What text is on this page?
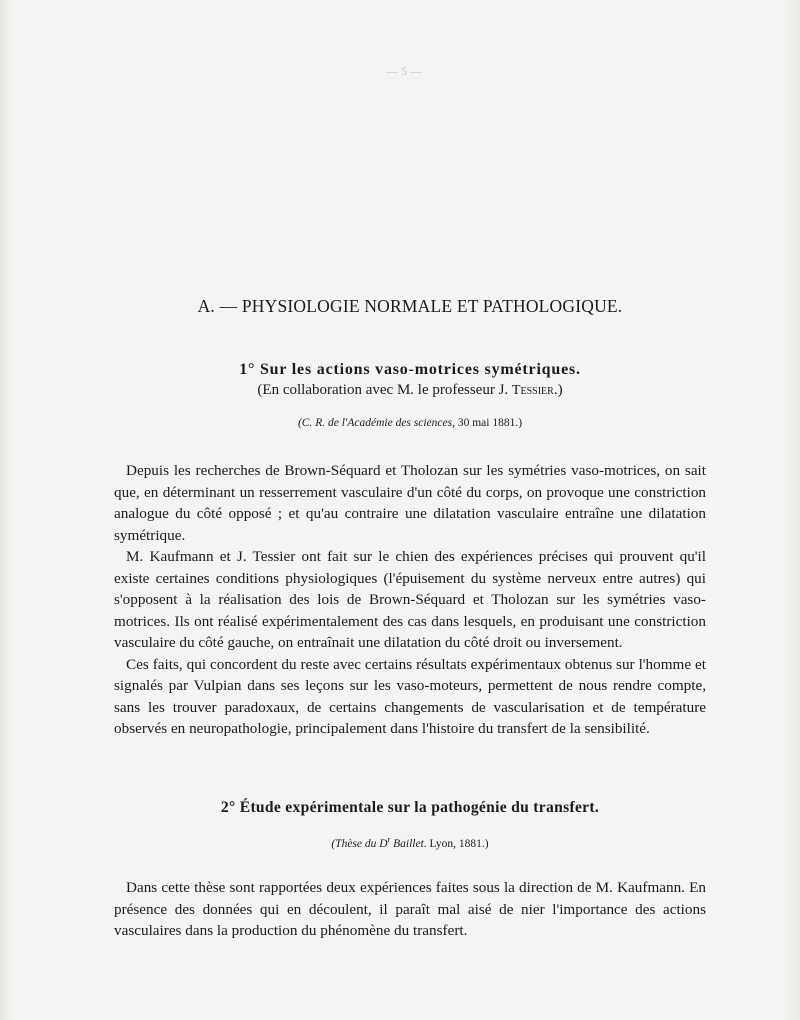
— 5 —
A. — PHYSIOLOGIE NORMALE ET PATHOLOGIQUE.
1° Sur les actions vaso-motrices symétriques.
(En collaboration avec M. le professeur J. Tessier.)
(C. R. de l'Académie des sciences, 30 mai 1881.)

Depuis les recherches de Brown-Séquard et Tholozan sur les symétries vaso-motrices, on sait que, en déterminant un resserrement vasculaire d'un côté du corps, on provoque une constriction analogue du côté opposé ; et qu'au contraire une dilatation vasculaire entraîne une dilatation symétrique.

M. Kaufmann et J. Tessier ont fait sur le chien des expériences précises qui prouvent qu'il existe certaines conditions physiologiques (l'épuisement du système nerveux entre autres) qui s'opposent à la réalisation des lois de Brown-Séquard et Tholozan sur les symétries vaso-motrices. Ils ont réalisé expérimentalement des cas dans lesquels, en produisant une constriction vasculaire du côté gauche, on entraînait une dilatation du côté droit ou inversement.

Ces faits, qui concordent du reste avec certains résultats expérimentaux obtenus sur l'homme et signalés par Vulpian dans ses leçons sur les vaso-moteurs, permettent de nous rendre compte, sans les trouver paradoxaux, de certains changements de vascularisation et de température observés en neuropathologie, principalement dans l'histoire du transfert de la sensibilité.

2° Étude expérimentale sur la pathogénie du transfert.
(Thèse du $D^r$ Baillet. Lyon, 1881.)

Dans cette thèse sont rapportées deux expériences faites sous la direction de M. Kaufmann. En présence des données qui en découlent, il paraît mal aisé de nier l'importance des actions vasculaires dans la production du phénomène du transfert.
